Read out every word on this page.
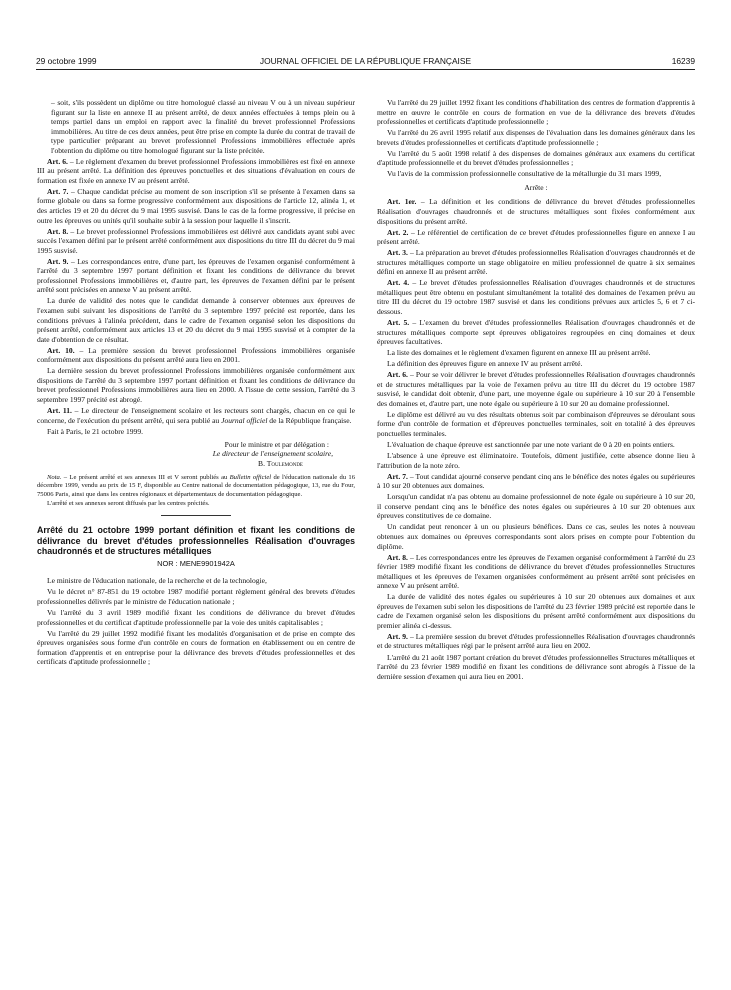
29 octobre 1999	JOURNAL OFFICIEL DE LA RÉPUBLIQUE FRANÇAISE	16239

– soit, s'ils possèdent un diplôme ou titre homologué classé au niveau V ou à un niveau supérieur figurant sur la liste en annexe II au présent arrêté, de deux années effectuées à temps plein ou à temps partiel dans un emploi en rapport avec la finalité du brevet professionnel Professions immobilières. Au titre de ces deux années, peut être prise en compte la durée du contrat de travail de type particulier préparant au brevet professionnel Professions immobilières effectuée après l'obtention du diplôme ou titre homologué figurant sur la liste précitée.

Art. 6. – Le règlement d'examen du brevet professionnel Professions immobilières est fixé en annexe III au présent arrêté. La définition des épreuves ponctuelles et des situations d'évaluation en cours de formation est fixée en annexe IV au présent arrêté.

Art. 7. – Chaque candidat précise au moment de son inscription s'il se présente à l'examen dans sa forme globale ou dans sa forme progressive conformément aux dispositions de l'article 12, alinéa 1, et des articles 19 et 20 du décret du 9 mai 1995 susvisé. Dans le cas de la forme progressive, il précise en outre les épreuves ou unités qu'il souhaite subir à la session pour laquelle il s'inscrit.

Art. 8. – Le brevet professionnel Professions immobilières est délivré aux candidats ayant subi avec succès l'examen défini par le présent arrêté conformément aux dispositions du titre III du décret du 9 mai 1995 susvisé.

Art. 9. – Les correspondances entre, d'une part, les épreuves de l'examen organisé conformément à l'arrêté du 3 septembre 1997 portant définition et fixant les conditions de délivrance du brevet professionnel Professions immobilières et, d'autre part, les épreuves de l'examen défini par le présent arrêté sont précisées en annexe V au présent arrêté.

La durée de validité des notes que le candidat demande à conserver obtenues aux épreuves de l'examen subi suivant les dispositions de l'arrêté du 3 septembre 1997 précité est reportée, dans les conditions prévues à l'alinéa précédent, dans le cadre de l'examen organisé selon les dispositions du présent arrêté, conformément aux articles 13 et 20 du décret du 9 mai 1995 susvisé et à compter de la date d'obtention de ce résultat.

Art. 10. – La première session du brevet professionnel Professions immobilières organisée conformément aux dispositions du présent arrêté aura lieu en 2001.

La dernière session du brevet professionnel Professions immobilières organisée conformément aux dispositions de l'arrêté du 3 septembre 1997 portant définition et fixant les conditions de délivrance du brevet professionnel Professions immobilières aura lieu en 2000. A l'issue de cette session, l'arrêté du 3 septembre 1997 précité est abrogé.

Art. 11. – Le directeur de l'enseignement scolaire et les recteurs sont chargés, chacun en ce qui le concerne, de l'exécution du présent arrêté, qui sera publié au Journal officiel de la République française.

Fait à Paris, le 21 octobre 1999.

Pour le ministre et par délégation :

Le directeur de l'enseignement scolaire,

B. Toulemonde

Nota. – Le présent arrêté et ses annexes III et V seront publiés au Bulletin officiel de l'éducation nationale du 16 décembre 1999, vendu au prix de 15 F, disponible au Centre national de documentation pédagogique, 13, rue du Four, 75006 Paris, ainsi que dans les centres régionaux et départementaux de documentation pédagogique.

L'arrêté et ses annexes seront diffusés par les centres précités.

Arrêté du 21 octobre 1999 portant définition et fixant les conditions de délivrance du brevet d'études professionnelles Réalisation d'ouvrages chaudronnés et de structures métalliques

NOR : MENE9901942A

Le ministre de l'éducation nationale, de la recherche et de la technologie,

Vu le décret n° 87-851 du 19 octobre 1987 modifié portant règlement général des brevets d'études professionnelles délivrés par le ministre de l'éducation nationale ;

Vu l'arrêté du 3 avril 1989 modifié fixant les conditions de délivrance du brevet d'études professionnelles et du certificat d'aptitude professionnelle par la voie des unités capitalisables ;

Vu l'arrêté du 29 juillet 1992 modifié fixant les modalités d'organisation et de prise en compte des épreuves organisées sous forme d'un contrôle en cours de formation en établissement ou en centre de formation d'apprentis et en entreprise pour la délivrance des brevets d'études professionnelles et des certificats d'aptitude professionnelle ;

Vu l'arrêté du 29 juillet 1992 fixant les conditions d'habilitation des centres de formation d'apprentis à mettre en œuvre le contrôle en cours de formation en vue de la délivrance des brevets d'études professionnelles et certificats d'aptitude professionnelle ;

Vu l'arrêté du 26 avril 1995 relatif aux dispenses de l'évaluation dans les domaines généraux dans les brevets d'études professionnelles et certificats d'aptitude professionnelle ;

Vu l'arrêté du 5 août 1998 relatif à des dispenses de domaines généraux aux examens du certificat d'aptitude professionnelle et du brevet d'études professionnelles ;

Vu l'avis de la commission professionnelle consultative de la métallurgie du 31 mars 1999,

Arrête :

Art. 1er. – La définition et les conditions de délivrance du brevet d'études professionnelles Réalisation d'ouvrages chaudronnés et de structures métalliques sont fixées conformément aux dispositions du présent arrêté.

Art. 2. – Le référentiel de certification de ce brevet d'études professionnelles figure en annexe I au présent arrêté.

Art. 3. – La préparation au brevet d'études professionnelles Réalisation d'ouvrages chaudronnés et de structures métalliques comporte un stage obligatoire en milieu professionnel de quatre à six semaines défini en annexe II au présent arrêté.

Art. 4. – Le brevet d'études professionnelles Réalisation d'ouvrages chaudronnés et de structures métalliques peut être obtenu en postulant simultanément la totalité des domaines de l'examen prévu au titre III du décret du 19 octobre 1987 susvisé et dans les conditions prévues aux articles 5, 6 et 7 ci-dessous.

Art. 5. – L'examen du brevet d'études professionnelles Réalisation d'ouvrages chaudronnés et de structures métalliques comporte sept épreuves obligatoires regroupées en cinq domaines et deux épreuves facultatives.

La liste des domaines et le règlement d'examen figurent en annexe III au présent arrêté.

La définition des épreuves figure en annexe IV au présent arrêté.

Art. 6. – Pour se voir délivrer le brevet d'études professionnelles Réalisation d'ouvrages chaudronnés et de structures métalliques par la voie de l'examen prévu au titre III du décret du 19 octobre 1987 susvisé, le candidat doit obtenir, d'une part, une moyenne égale ou supérieure à 10 sur 20 à l'ensemble des domaines et, d'autre part, une note égale ou supérieure à 10 sur 20 au domaine professionnel.

Le diplôme est délivré au vu des résultats obtenus soit par combinaison d'épreuves se déroulant sous forme d'un contrôle de formation et d'épreuves ponctuelles terminales, soit en totalité à des épreuves ponctuelles terminales.

L'évaluation de chaque épreuve est sanctionnée par une note variant de 0 à 20 en points entiers.

L'absence à une épreuve est éliminatoire. Toutefois, dûment justifiée, cette absence donne lieu à l'attribution de la note zéro.

Art. 7. – Tout candidat ajourné conserve pendant cinq ans le bénéfice des notes égales ou supérieures à 10 sur 20 obtenues aux domaines.

Lorsqu'un candidat n'a pas obtenu au domaine professionnel de note égale ou supérieure à 10 sur 20, il conserve pendant cinq ans le bénéfice des notes égales ou supérieures à 10 sur 20 obtenues aux épreuves constitutives de ce domaine.

Un candidat peut renoncer à un ou plusieurs bénéfices. Dans ce cas, seules les notes à nouveau obtenues aux domaines ou épreuves correspondants sont alors prises en compte pour l'obtention du diplôme.

Art. 8. – Les correspondances entre les épreuves de l'examen organisé conformément à l'arrêté du 23 février 1989 modifié fixant les conditions de délivrance du brevet d'études professionnelles Structures métalliques et les épreuves de l'examen organisées conformément au présent arrêté sont précisées en annexe V au présent arrêté.

La durée de validité des notes égales ou supérieures à 10 sur 20 obtenues aux domaines et aux épreuves de l'examen subi selon les dispositions de l'arrêté du 23 février 1989 précité est reportée dans le cadre de l'examen organisé selon les dispositions du présent arrêté conformément aux dispositions du premier alinéa ci-dessus.

Art. 9. – La première session du brevet d'études professionnelles Réalisation d'ouvrages chaudronnés et de structures métalliques régi par le présent arrêté aura lieu en 2002.

L'arrêté du 21 août 1987 portant création du brevet d'études professionnelles Structures métalliques et l'arrêté du 23 février 1989 modifié en fixant les conditions de délivrance sont abrogés à l'issue de la dernière session d'examen qui aura lieu en 2001.
